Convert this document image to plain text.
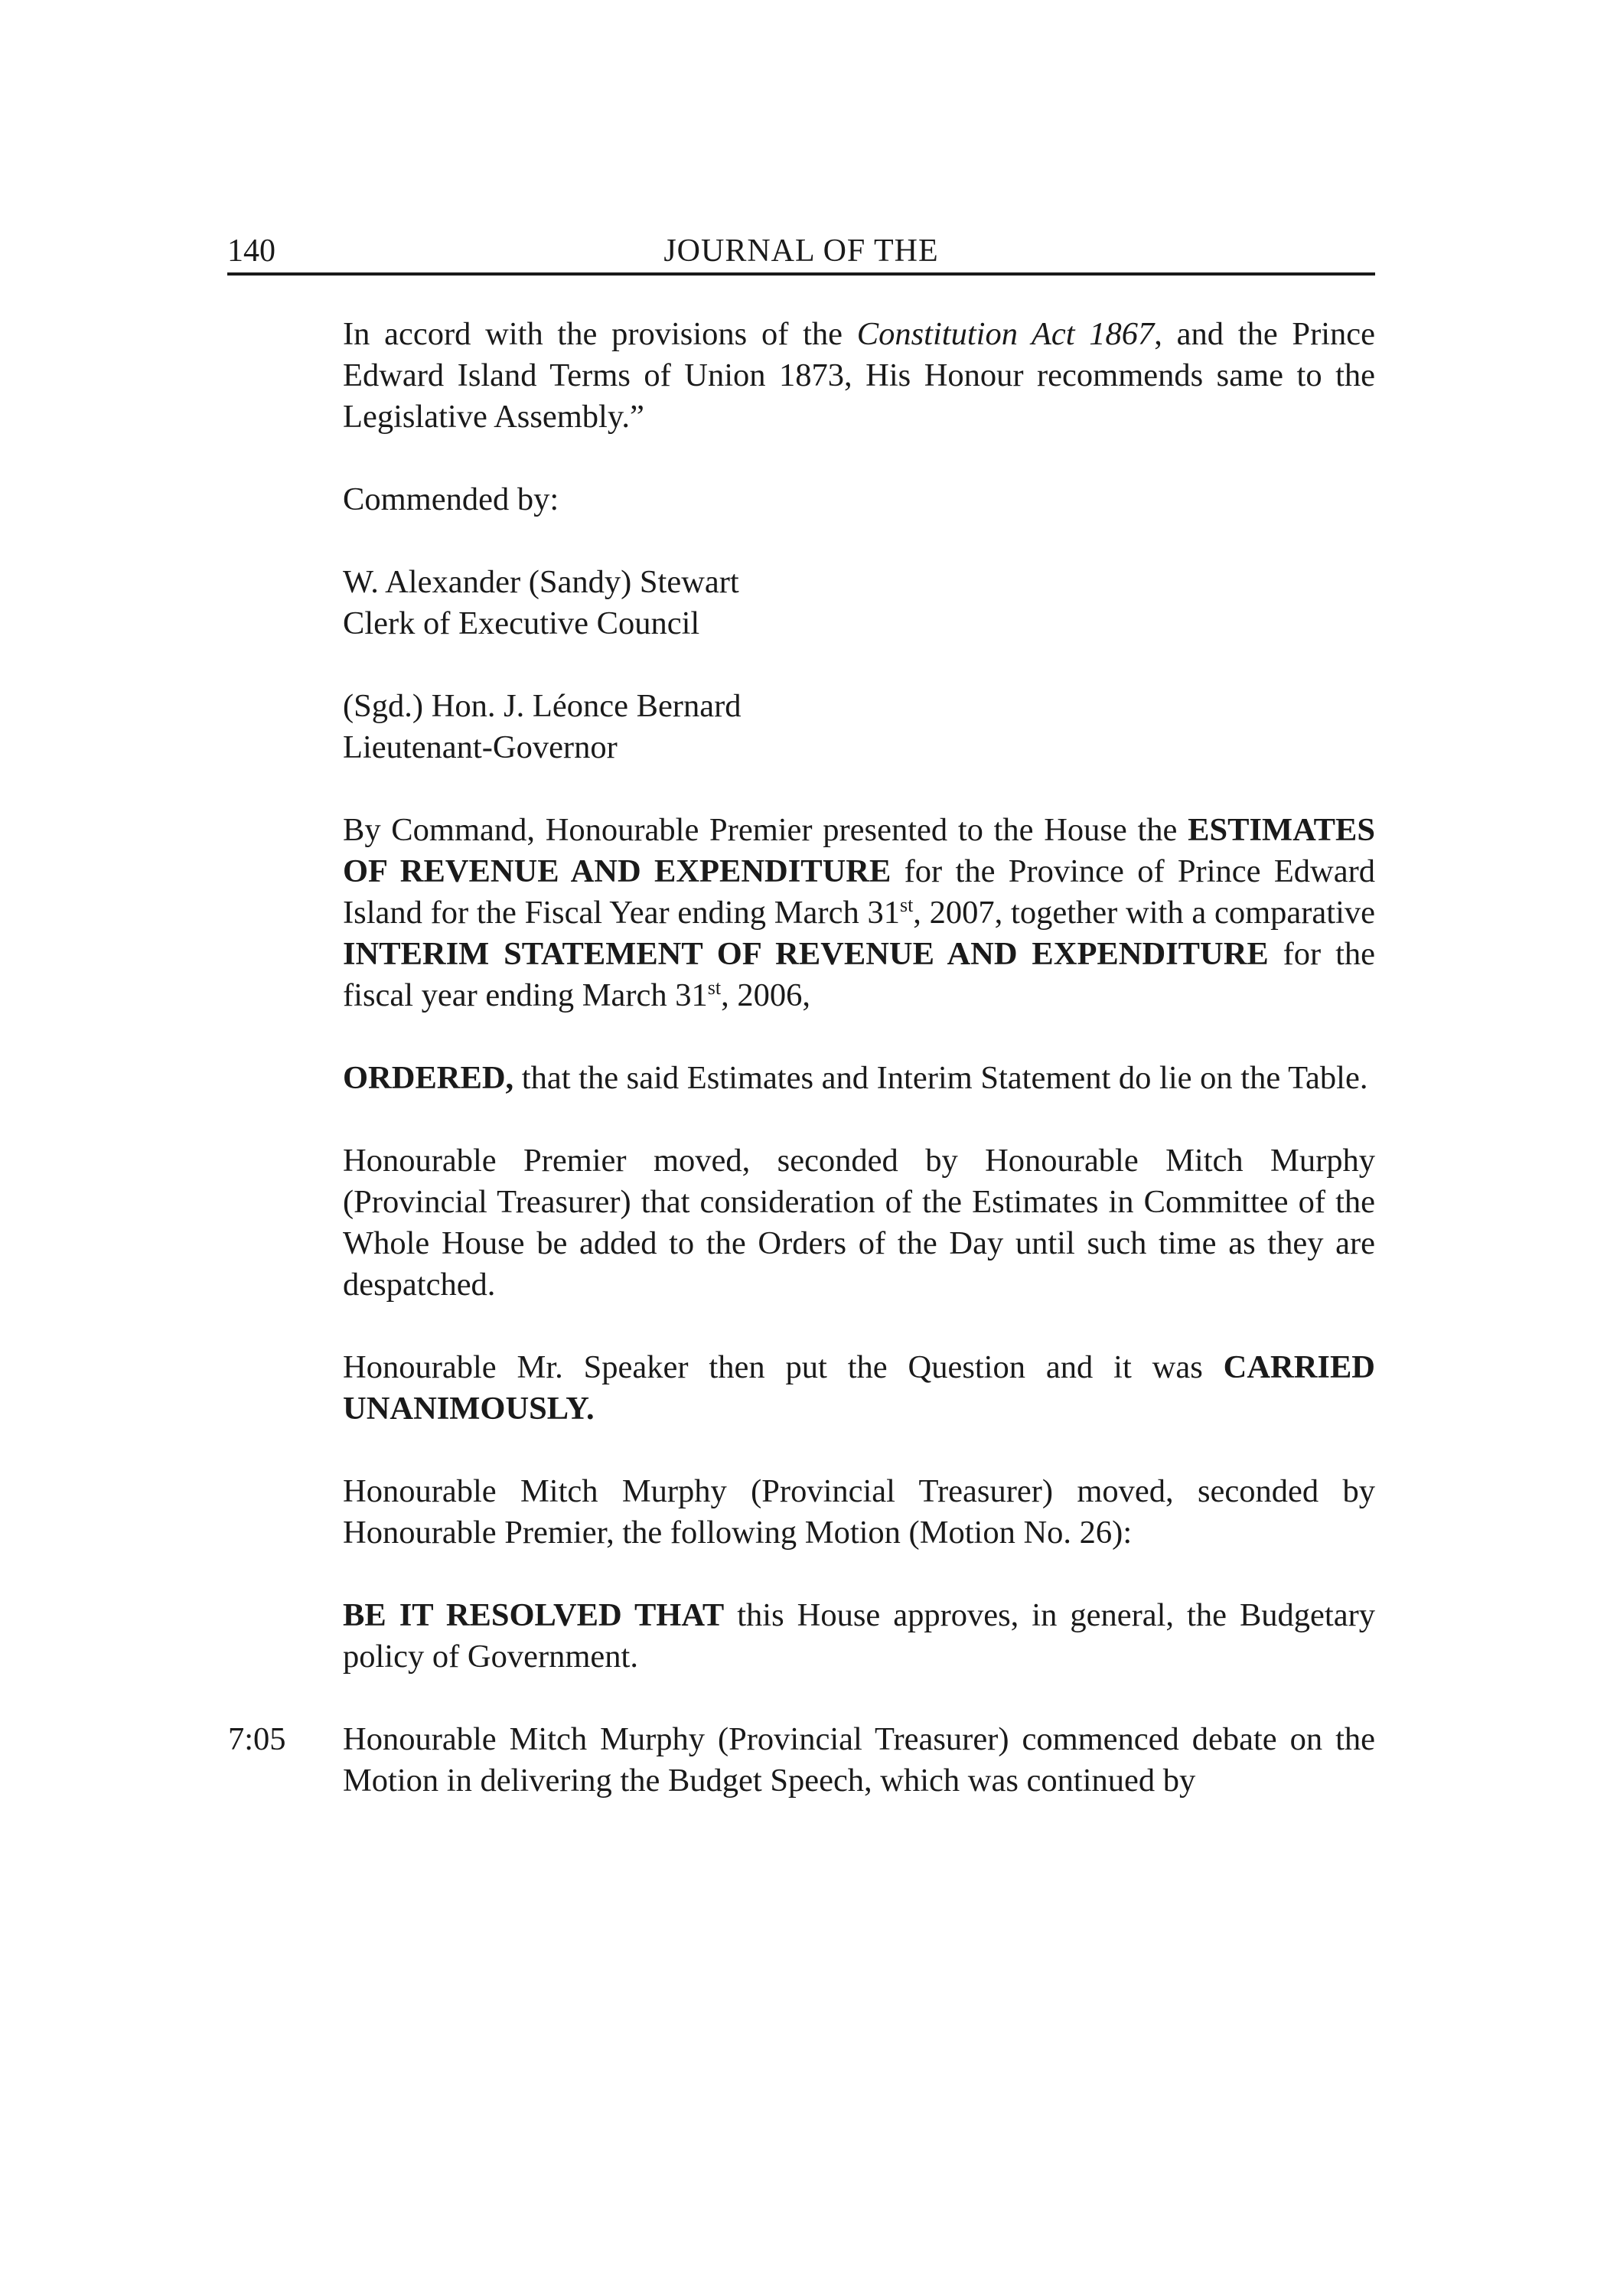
140	JOURNAL OF THE

In accord with the provisions of the Constitution Act 1867, and the Prince Edward Island Terms of Union 1873, His Honour recommends same to the Legislative Assembly.”

Commended by:

W. Alexander (Sandy) Stewart
Clerk of Executive Council
(Sgd.) Hon. J. Léonce Bernard
Lieutenant-Governor

By Command, Honourable Premier presented to the House the ESTIMATES OF REVENUE AND EXPENDITURE for the Province of Prince Edward Island for the Fiscal Year ending March 31st, 2007, together with a comparative INTERIM STATEMENT OF REVENUE AND EXPENDITURE for the fiscal year ending March 31st, 2006,

ORDERED, that the said Estimates and Interim Statement do lie on the Table.

Honourable Premier moved, seconded by Honourable Mitch Murphy (Provincial Treasurer) that consideration of the Estimates in Committee of the Whole House be added to the Orders of the Day until such time as they are despatched.

Honourable Mr. Speaker then put the Question and it was CARRIED UNANIMOUSLY.

Honourable Mitch Murphy (Provincial Treasurer) moved, seconded by Honourable Premier, the following Motion (Motion No. 26):

BE IT RESOLVED THAT this House approves, in general, the Budgetary policy of Government.

7:05 Honourable Mitch Murphy (Provincial Treasurer) commenced debate on the Motion in delivering the Budget Speech, which was continued by
